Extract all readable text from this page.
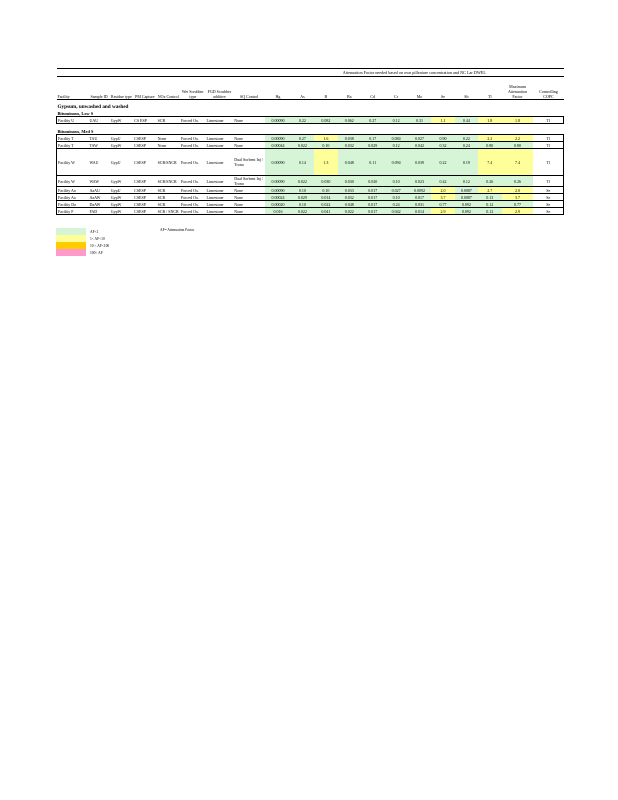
								Attenuation Factor needed based on own pilleature concentration and NC Lar DWEL											
Facility	Sample ID	Residue type	PM Capture	NOx Control	Wet Scrubber type	FGD Scrubber additive	SQ Control	Hg	As	B	Ba	Cd	Cr	Mo	Se	Sb	Tl	Maximum Attenuation Factor	Controlling COPC

Gypsum, unwashed and washed																			
Bituminous, Low S																			
Facility U	UAU	GypW	CS ESP	SCR	Forced Ox.	Limestone	None	0.00090	0.22	0.082	0.062	0.27	0.12	0.31	1.1	0.44	1.8	1.8	Tl

Bituminous, Med S																			
Facility T	TAU	GypU	CSESP	None	Forced Ox.	Limestone	None	0.00090	0.27	1.6	0.038	0.17	0.084	0.027	0.90	0.22	2.2	2.2	Tl
Facility T	TAW	GypW	CSESP	None	Forced Ox.	Limestone	None	0.00044	0.022	0.10	0.032	0.029	0.12	0.042	0.32	0.24	0.80	0.80	Tl
Facility W	WAU	GypU	CSESP	SCR/SNCR	Forced Ox.	Limestone	Dual Sorbent Inj / Trona	0.00090	0.14	1.3	0.048	0.11	0.094	0.039	0.22	0.19	7.4	7.4	Tl
Facility W	WAW	GypW	CSESP	SCR/SNCR	Forced Ox.	Limestone	Dual Sorbent Inj / Trona	0.00090	0.022	0.030	0.030	0.020	0.10	0.023	0.42	0.12	0.26	0.26	Tl
Facility Aa	AaAU	GypU	CSESP	SCR	Forced Ox.	Limestone	None	0.00090	0.10	0.10	0.033	0.017	0.027	0.0092	2.0	0.0087	2.7	2.0	Se
Facility Aa	AaAW	GypW	CSESP	SCR	Forced Ox.	Limestone	None	0.00024	0.029	0.014	0.032	0.017	0.10	0.017	3.7	0.0087	0.13	3.7	Se
Facility Da	DaAW	GypW	CSESP	SCR	Forced Ox.	Limestone	None	0.00020	0.10	0.022	0.048	0.017	0.24	0.031	0.77	0.092	0.12	0.77	Se
Facility F	FAD	GypW	CSESP	SCR / SNCR	Forced Ox.	Limestone	None	0.016	0.022	0.041	0.022	0.017	0.042	0.014	2.9	0.092	0.12	2.9	Se
AF<1
1< AF<10
10 < AF<100
100< AF
AF= Attenuation Factor
